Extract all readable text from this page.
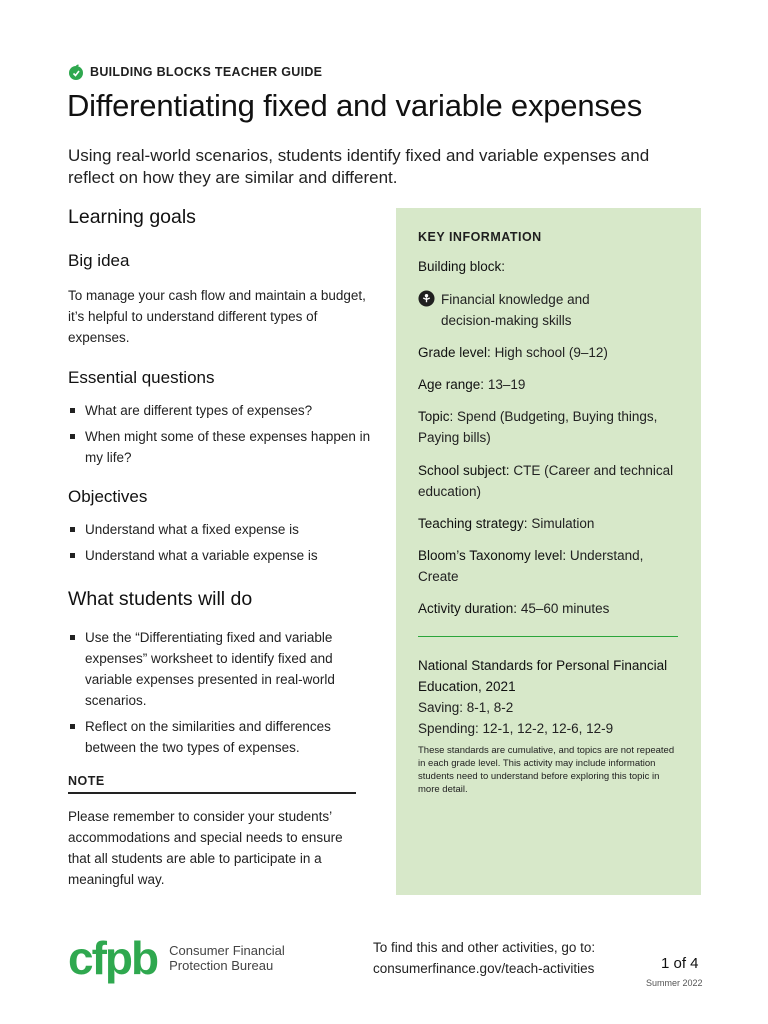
BUILDING BLOCKS TEACHER GUIDE
Differentiating fixed and variable expenses

Using real-world scenarios, students identify fixed and variable expenses and reflect on how they are similar and different.

Learning goals
Big idea

To manage your cash flow and maintain a budget, it’s helpful to understand different types of expenses.

Essential questions
What are different types of expenses?
When might some of these expenses happen in my life?
Objectives
Understand what a fixed expense is
Understand what a variable expense is
What students will do
Use the “Differentiating fixed and variable expenses” worksheet to identify fixed and variable expenses presented in real-world scenarios.
Reflect on the similarities and differences between the two types of expenses.
NOTE

Please remember to consider your students’ accommodations and special needs to ensure that all students are able to participate in a meaningful way.

KEY INFORMATION
Building block:
Financial knowledge and decision-making skills
Grade level: High school (9–12)
Age range: 13–19
Topic: Spend (Budgeting, Buying things, Paying bills)
School subject: CTE (Career and technical education)
Teaching strategy: Simulation
Bloom’s Taxonomy level: Understand, Create
Activity duration: 45–60 minutes
National Standards for Personal Financial Education, 2021
Saving: 8-1, 8-2
Spending: 12-1, 12-2, 12-6, 12-9
These standards are cumulative, and topics are not repeated in each grade level. This activity may include information students need to understand before exploring this topic in more detail.
cfpb Consumer Financial
Protection Bureau
To find this and other activities, go to:
consumerfinance.gov/teach-activities	1 of 4
Summer 2022
